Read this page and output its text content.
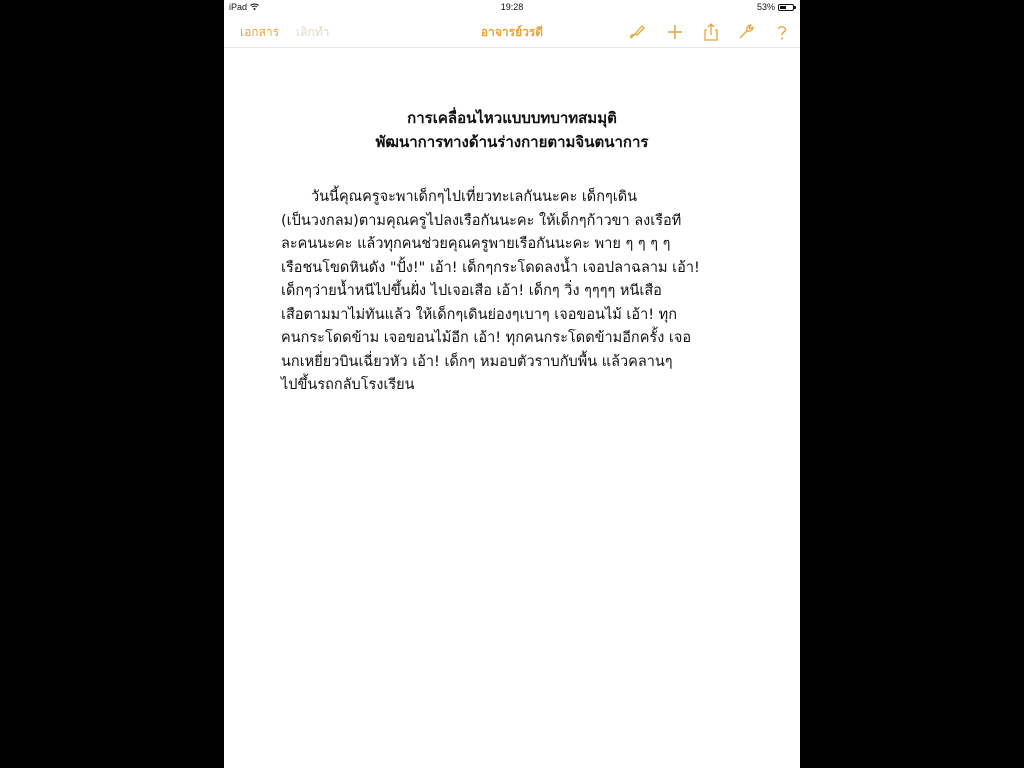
iPad	19:28	53%
เอกสาร เลิกทำ	อาจารย์วรดี
การเคลื่อนไหวแบบบทบาทสมมุติ
พัฒนาการทางด้านร่างกายตามจินตนาการ

วันนี้คุณครูจะพาเด็กๆไปเที่ยวทะเลกันนะคะ เด็กๆเดิน
(เป็นวงกลม)ตามคุณครูไปลงเรือกันนะคะ ให้เด็กๆก้าวขา ลงเรือที
ละคนนะคะ แล้วทุกคนช่วยคุณครูพายเรือกันนะคะ พาย ๆ ๆ ๆ ๆ
เรือชนโขดหินดัง "ปั้ง!" เอ้า! เด็กๆกระโดดลงน้ำ เจอปลาฉลาม เอ้า!
เด็กๆว่ายน้ำหนีไปขึ้นฝั่ง ไปเจอเสือ เอ้า! เด็กๆ วิ่ง ๆๆๆๆ หนีเสือ
เสือตามมาไม่ทันแล้ว ให้เด็กๆเดินย่องๆเบาๆ เจอขอนไม้ เอ้า! ทุก
คนกระโดดข้าม เจอขอนไม้อีก เอ้า! ทุกคนกระโดดข้ามอีกครั้ง เจอ
นกเหยี่ยวบินเฉี่ยวหัว เอ้า! เด็กๆ หมอบตัวราบกับพื้น แล้วคลานๆ
ไปขึ้นรถกลับโรงเรียน
